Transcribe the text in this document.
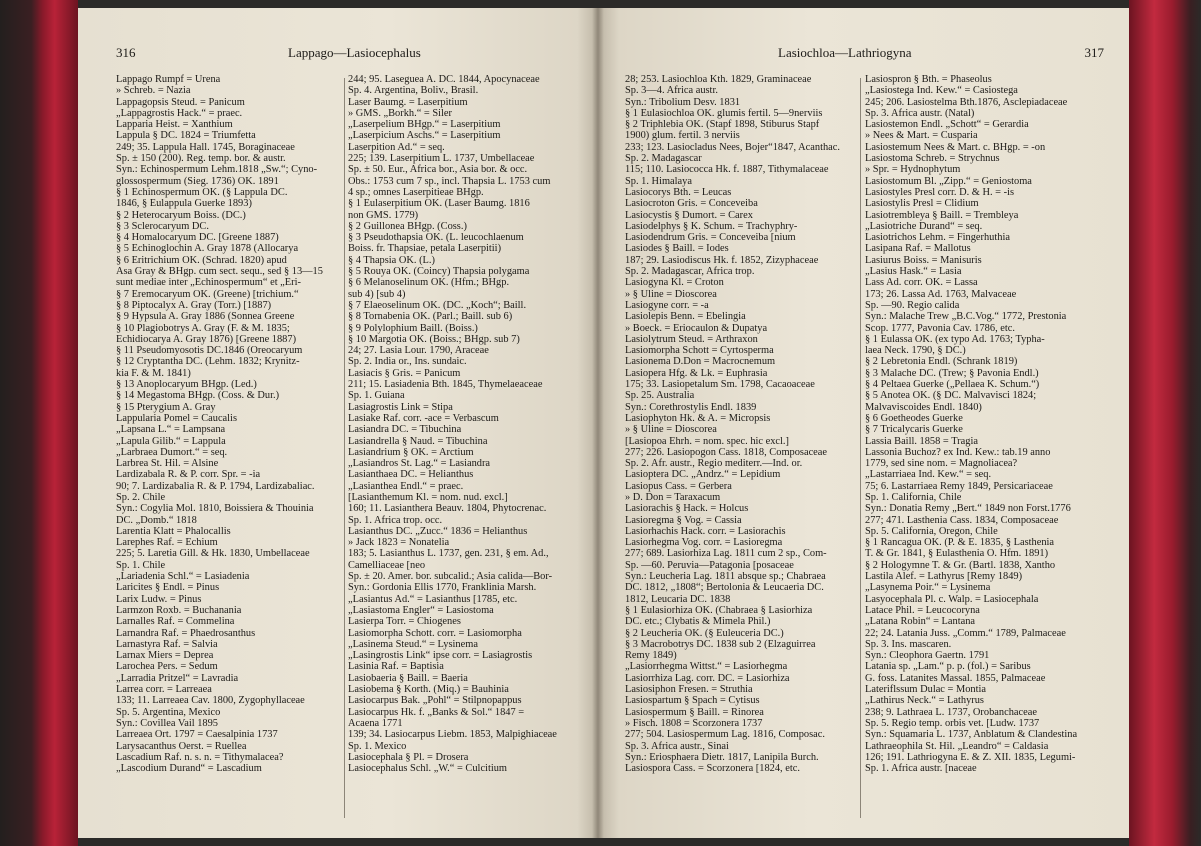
316	Lappago—Lasiocephalus

Lappago Rumpf = Urena

» Schreb. = Nazia

Lappagopsis Steud. = Panicum

„Lappagrostis Hack.“ = praec.

Lapparia Heist. = Xanthium

Lappula § DC. 1824 = Triumfetta

249; 35. Lappula Hall. 1745, Boraginaceae

Sp. ± 150 (200). Reg. temp. bor. & austr.

Syn.: Echinospermum Lehm.1818 „Sw.“; Cyno-

glossospermum (Sieg. 1736) OK. 1891

§ 1 Echinospermum OK. (§ Lappula DC.

1846, § Eulappula Guerke 1893)

§ 2 Heterocaryum Boiss. (DC.)

§ 3 Sclerocaryum DC.

§ 4 Homalocaryum DC. [Greene 1887)

§ 5 Echinoglochin A. Gray 1878 (Allocarya

§ 6 Eritrichium OK. (Schrad. 1820) apud

Asa Gray & BHgp. cum sect. sequ., sed § 13—15

sunt mediae inter „Echinospermum“ et „Eri-

§ 7 Eremocaryum OK. (Greene) [trichium.“

§ 8 Piptocalyx A. Gray (Torr.) [1887)

§ 9 Hypsula A. Gray 1886 (Sonnea Greene

§ 10 Plagiobotrys A. Gray (F. & M. 1835;

Echidiocarya A. Gray 1876) [Greene 1887)

§ 11 Pseudomyosotis DC.1846 (Oreocaryum

§ 12 Cryptantha DC. (Lehm. 1832; Krynitz-

kia F. & M. 1841)

§ 13 Anoplocaryum BHgp. (Led.)

§ 14 Megastoma BHgp. (Coss. & Dur.)

§ 15 Pterygium A. Gray

Lappularia Pomel = Caucalis

„Lapsana L.“ = Lampsana

„Lapula Gilib.“ = Lappula

„Larbraea Dumort.“ = seq.

Larbrea St. Hil. = Alsine

Lardizabala R. & P. corr. Spr. = -ia

90; 7. Lardizabalia R. & P. 1794, Lardizabaliac.

Sp. 2. Chile

Syn.: Cogylia Mol. 1810, Boissiera & Thouinia

DC. „Domb.“ 1818

Larentia Klatt = Phalocallis

Larephes Raf. = Echium

225; 5. Laretia Gill. & Hk. 1830, Umbellaceae

Sp. 1. Chile

„Lariadenia Schl.“ = Lasiadenia

Laricites § Endl. = Pinus

Larix Ludw. = Pinus

Larmzon Roxb. = Buchanania

Larnalles Raf. = Commelina

Larnandra Raf. = Phaedrosanthus

Larnastyra Raf. = Salvia

Larnax Miers = Deprea

Larochea Pers. = Sedum

„Larradia Pritzel“ = Lavradia

Larrea corr. = Larreaea

133; 11. Larreaea Cav. 1800, Zygophyllaceae

Sp. 5. Argentina, Mexico

Syn.: Covillea Vail 1895

Larreaea Ort. 1797 = Caesalpinia 1737

Larysacanthus Oerst. = Ruellea

Lascadium Raf. n. s. n. = Tithymalacea?

„Lascodium Durand“ = Lascadium

244; 95. Laseguea A. DC. 1844, Apocynaceae

Sp. 4. Argentina, Boliv., Brasil.

Laser Baumg. = Laserpitium

» GMS. „Borkh.“ = Siler

„Laserpelium BHgp.“ = Laserpitium

„Laserpicium Aschs.“ = Laserpitium

Laserpition Ad.“ = seq.

225; 139. Laserpitium L. 1737, Umbellaceae

Sp. ± 50. Eur., Africa bor., Asia bor. & occ.

Obs.: 1753 cum 7 sp., incl. Thapsia L. 1753 cum

4 sp.; omnes Laserpitieae BHgp.

§ 1 Eulaserpitium OK. (Laser Baumg. 1816

non GMS. 1779)

§ 2 Guillonea BHgp. (Coss.)

§ 3 Pseudothapsia OK. (L. leucochlaenum

Boiss. fr. Thapsiae, petala Laserpitii)

§ 4 Thapsia OK. (L.)

§ 5 Rouya OK. (Coincy) Thapsia polygama

§ 6 Melanoselinum OK. (Hfm.; BHgp.

sub 4) [sub 4)

§ 7 Elaeoselinum OK. (DC. „Koch“; Baill.

§ 8 Tornabenia OK. (Parl.; Baill. sub 6)

§ 9 Polylophium Baill. (Boiss.)

§ 10 Margotia OK. (Boiss.; BHgp. sub 7)

24; 27. Lasia Lour. 1790, Araceae

Sp. 2. India or., Ins. sundaic.

Lasiacis § Gris. = Panicum

211; 15. Lasiadenia Bth. 1845, Thymelaeaceae

Sp. 1. Guiana

Lasiagrostis Link = Stipa

Lasiake Raf. corr. -ace = Verbascum

Lasiandra DC. = Tibuchina

Lasiandrella § Naud. = Tibuchina

Lasiandrium § OK. = Arctium

„Lasiandros St. Lag.“ = Lasiandra

Lasianthaea DC. = Helianthus

„Lasianthea Endl.“ = praec.

[Lasianthemum Kl. = nom. nud. excl.]

160; 11. Lasianthera Beauv. 1804, Phytocrenac.

Sp. 1. Africa trop. occ.

Lasianthus DC. „Zucc.“ 1836 = Helianthus

» Jack 1823 = Nonatelia

183; 5. Lasianthus L. 1737, gen. 231, § em. Ad.,

Camelliaceae [neo

Sp. ± 20. Amer. bor. subcalid.; Asia calida—Bor-

Syn.: Gordonia Ellis 1770, Franklinia Marsh.

„Lasiantus Ad.“ = Lasianthus [1785, etc.

„Lasiastoma Engler“ = Lasiostoma

Lasierpa Torr. = Chiogenes

Lasiomorpha Schott. corr. = Lasiomorpha

„Lasinema Steud.“ = Lysinema

„Lasingrostis Link“ ipse corr. = Lasiagrostis

Lasinia Raf. = Baptisia

Lasiobaeria § Baill. = Baeria

Lasiobema § Korth. (Miq.) = Bauhinia

Lasiocarpus Bak. „Pohl“ = Stilpnopappus

Lasiocarpus Hk. f. „Banks & Sol.“ 1847 =

Acaena 1771

139; 34. Lasiocarpus Liebm. 1853, Malpighiaceae

Sp. 1. Mexico

Lasiocephala § Pl. = Drosera

Lasiocephalus Schl. „W.“ = Culcitium

Lasiochloa—Lathriogyna	317

28; 253. Lasiochloa Kth. 1829, Graminaceae

Sp. 3—4. Africa austr.

Syn.: Tribolium Desv. 1831

§ 1 Eulasiochloa OK. glumis fertil. 5—9nerviis

§ 2 Triphlebia OK. (Stapf 1898, Stiburus Stapf

1900) glum. fertil. 3 nerviis

233; 123. Lasiocladus Nees, Bojer“1847, Acanthac.

Sp. 2. Madagascar

115; 110. Lasiococca Hk. f. 1887, Tithymalaceae

Sp. 1. Himalaya

Lasiocorys Bth. = Leucas

Lasiocroton Gris. = Conceveiba

Lasiocystis § Dumort. = Carex

Lasiodelphys § K. Schum. = Trachyphry-

Lasiodendrum Gris. = Conceveiba [nium

Lasiodes § Baill. = Iodes

187; 29. Lasiodiscus Hk. f. 1852, Zizyphaceae

Sp. 2. Madagascar, Africa trop.

Lasiogyna Kl. = Croton

» § Uline = Dioscorea

Lasiogyne corr. = -a

Lasiolepis Benn. = Ebelingia

» Boeck. = Eriocaulon & Dupatya

Lasiolytrum Steud. = Arthraxon

Lasiomorpha Schott = Cyrtosperma

Lasionema D.Don = Macrocnemum

Lasiopera Hfg. & Lk. = Euphrasia

175; 33. Lasiopetalum Sm. 1798, Cacaoaceae

Sp. 25. Australia

Syn.: Corethrostylis Endl. 1839

Lasiophyton Hk. & A. = Micropsis

» § Uline = Dioscorea

[Lasiopoa Ehrh. = nom. spec. hic excl.]

277; 226. Lasiopogon Cass. 1818, Composaceae

Sp. 2. Afr. austr., Regio mediterr.—Ind. or.

Lasioptera DC. „Andrz.“ = Lepidium

Lasiopus Cass. = Gerbera

» D. Don = Taraxacum

Lasiorachis § Hack. = Holcus

Lasioregma § Vog. = Cassia

Lasiorhachis Hack. corr. = Lasiorachis

Lasiorhegma Vog. corr. = Lasioregma

277; 689. Lasiorhiza Lag. 1811 cum 2 sp., Com-

Sp. —60. Peruvia—Patagonia [posaceae

Syn.: Leucheria Lag. 1811 absque sp.; Chabraea

DC. 1812, „1808“; Bertolonia & Leucaeria DC.

1812, Leucaria DC. 1838

§ 1 Eulasiorhiza OK. (Chabraea § Lasiorhiza

DC. etc.; Clybatis & Mimela Phil.)

§ 2 Leucheria OK. (§ Euleuceria DC.)

§ 3 Macrobotrys DC. 1838 sub 2 (Elzaguirrea

Remy 1849)

„Lasiorrhegma Wittst.“ = Lasiorhegma

Lasiorrhiza Lag. corr. DC. = Lasiorhiza

Lasiosiphon Fresen. = Struthia

Lasiospartum § Spach = Cytisus

Lasiospermum § Baill. = Rinorea

» Fisch. 1808 = Scorzonera 1737

277; 504. Lasiospermum Lag. 1816, Composac.

Sp. 3. Africa austr., Sinai

Syn.: Eriosphaera Dietr. 1817, Lanipila Burch.

Lasiospora Cass. = Scorzonera [1824, etc.

Lasiospron § Bth. = Phaseolus

„Lasiostega Ind. Kew.“ = Casiostega

245; 206. Lasiostelma Bth.1876, Asclepiadaceae

Sp. 3. Africa austr. (Natal)

Lasiostemon Endl. „Schott“ = Gerardia

» Nees & Mart. = Cusparia

Lasiostemum Nees & Mart. c. BHgp. = -on

Lasiostoma Schreb. = Strychnus

» Spr. = Hydnophytum

Lasiostomum Bl. „Zipp.“ = Geniostoma

Lasiostyles Presl corr. D. & H. = -is

Lasiostylis Presl = Clidium

Lasiotrembleya § Baill. = Trembleya

„Lasiotriche Durand“ = seq.

Lasiotrichos Lehm. = Fingerhuthia

Lasipana Raf. = Mallotus

Lasiurus Boiss. = Manisuris

„Lasius Hask.“ = Lasia

Lass Ad. corr. OK. = Lassa

173; 26. Lassa Ad. 1763, Malvaceae

Sp. —90. Regio calida

Syn.: Malache Trew „B.C.Vog.“ 1772, Prestonia

Scop. 1777, Pavonia Cav. 1786, etc.

§ 1 Eulassa OK. (ex typo Ad. 1763; Typha-

laea Neck. 1790, § DC.)

§ 2 Lebretonia Endl. (Schrank 1819)

§ 3 Malache DC. (Trew; § Pavonia Endl.)

§ 4 Peltaea Guerke („Pellaea K. Schum.“)

§ 5 Anotea OK. (§ DC. Malvavisci 1824;

Malvaviscoides Endl. 1840)

§ 6 Goetheodes Guerke

§ 7 Tricalycaris Guerke

Lassia Baill. 1858 = Tragia

Lassonia Buchoz? ex Ind. Kew.: tab.19 anno

1779, sed sine nom. = Magnoliacea?

„Lastarriaea Ind. Kew.“ = seq.

75; 6. Lastarriaea Remy 1849, Persicariaceae

Sp. 1. California, Chile

Syn.: Donatia Remy „Bert.“ 1849 non Forst.1776

277; 471. Lasthenia Cass. 1834, Composaceae

Sp. 5. California, Oregon, Chile

§ 1 Rancagua OK. (P. & E. 1835, § Lasthenia

T. & Gr. 1841, § Eulasthenia O. Hfm. 1891)

§ 2 Hologymne T. & Gr. (Bartl. 1838, Xantho

Lastila Alef. = Lathyrus [Remy 1849)

„Lasynema Poir.“ = Lysinema

Lasyocephala Pl. c. Walp. = Lasiocephala

Latace Phil. = Leucocoryna

„Latana Robin“ = Lantana

22; 24. Latania Juss. „Comm.“ 1789, Palmaceae

Sp. 3. Ins. mascaren.

Syn.: Cleophora Gaertn. 1791

Latania sp. „Lam.“ p. p. (fol.) = Saribus

G. foss. Latanites Massal. 1855, Palmaceae

Lateriflssum Dulac = Montia

„Lathirus Neck.“ = Lathyrus

238; 9. Lathraea L. 1737, Orobanchaceae

Sp. 5. Regio temp. orbis vet. [Ludw. 1737

Syn.: Squamaria L. 1737, Anblatum & Clandestina

Lathraeophila St. Hil. „Leandro“ = Caldasia

126; 191. Lathriogyna E. & Z. XII. 1835, Legumi-

Sp. 1. Africa austr. [naceae
